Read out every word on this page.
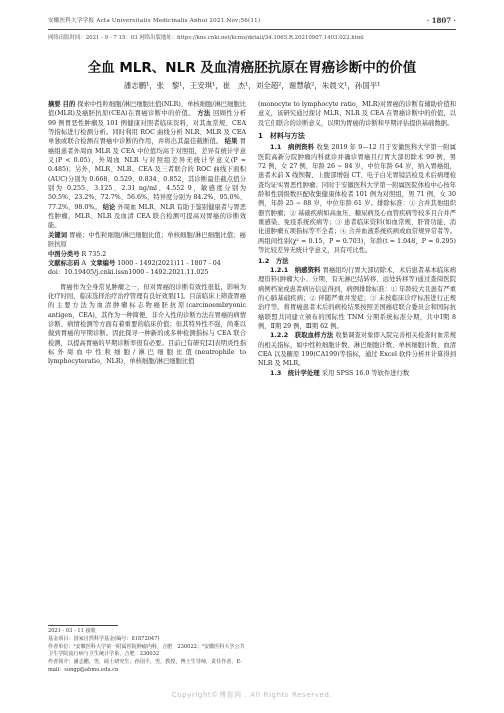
安徽医科大学学报 Acta Universitatis Medicinalis Anhui 2021 Nov;56(11)	· 1807 ·
网络出版时间：2021 - 9 - 7 15：03 网络出版地址：https://kns.cnki.net/kcms/detail/34.1065.R.20210907.1403.022.html
全血 MLR、NLR 及血清癌胚抗原在胃癌诊断中的价值
潘志鹏¹，张　黎¹，王安琪¹，崔　杰¹，刘全超²，谢慧敏²，朱晨文¹，孙国平¹

摘要 目的 探索中性粒细胞/淋巴细胞比值(NLR)、单核细胞/淋巴细胞比值(MLR)及癌胚抗原(CEA)在胃癌诊断中的价值。 方法 回顾性分析 99 例胃恶性肿瘤及 101 例健康对照者临床资料，对其血常规、CEA 等指标进行检测分析。同时利用 ROC 曲线分析 NLR、MLR 及 CEA 单独或联合检测在胃癌中诊断的作用，并将出其最佳截断值。 结果 胃癌组患者外周血 MLR 及 CEA 中位值均高于对照组，差异有统计学意义(P < 0.05)，外周血 NLR 与对照组差异无统计学意义(P = 0.485)；另外，MLR、NLR、CEA 及三者联合的 ROC 曲线下面积(AUC)分别为 0.668、0.529、0.834、0.852，其诊断最佳截点值分别为 0.255、3.125、2.31 ng/ml、4.552 9，敏感度分别为 50.5%、23.2%、72.7%、56.6%，特异度分别为 84.2%、95.0%、77.2%、98.0%。 结论 外周血 MLR、NLR 有助于鉴别健康者与胃恶性肿瘤，MLR、NLR 及血清 CEA 联合检测可提高对胃癌的诊断效能。

关键词 胃癌；中性粒细胞/淋巴细胞比值；单核细胞/淋巴细胞比值；癌胚抗原

中图分类号 R 735.2

文献标志码 A 文章编号 1000 - 1492(2021)11 - 1807 - 04

doi：10.19405/j.cnki.issn1000 - 1492.2021.11.025

胃癌作为全身常见肿瘤之一，但对胃癌的诊断有效性很低，影响为化疗时间、临床选择治疗治疗管理有良好效果[1]。目前临床上筛查胃癌的主要方法为血清肿瘤标志物癌胚抗原(carcinoembryonic antigen，CEA)，其作为一种简便、非介入性的诊断方法在胃癌的病情诊断、病情检测等方面有着重要的临床价值；但其特异性不强，尚难以做到胃癌的早期诊断。因此探寻一种新的或多种检测指标与 CEA 联合检测，以提高胃癌的早期诊断率很有必要。目前已有研究[2]表明炎性指标外周血中性粒细胞/淋巴细胞比值(neutrophile to lymphocyteratio，NLR)、单核细胞/淋巴细胞比值

(monocyte to lymphocyte ratio，MLR)对胃癌的诊断有辅助价值和意义，该研究通过探讨 MLR、NLR 及 CEA 在胃癌诊断中的价值，以及它们联合的诊断意义，以期为胃癌的诊断和早期评估提供基础数据。

1　材料与方法

1.1　病例资料 收集 2019 年 9—12 月于安徽医科大学第一附属医院高新分院肿瘤内科就诊并确诊胃癌且行胃大部切除术 99 例，男 72 例，女 27 例，年龄 26 ~ 84 岁，中位年龄 64 岁，纳入胃癌组，患者术前 X 线钡餐、上腹部增强 CT、电子白光胃镜活检及术后病理检查均证实胃恶性肿瘤；同时于安徽医科大学第一附属医院体检中心按年龄和性别级数匹配收集健康体检者 101 例为对照组，男 71 例，女 30 例，年龄 25 ~ 88 岁，中位年龄 61 岁。排除标准：① 合并其他组织器官肿瘤；② 基础疾病如高血压、糖尿病及心血管疾病等较多且合并严重感染、免疫系统疾病等；③ 患者临床资料(如血常规、肝肾功能、消化道肿瘤五项指标等不全者；④ 合并血液系统疾病或血常规异常者等。两组间性别(χ² = 0.15，P = 0.703)，年龄(t = 1.048，P = 0.295)等比较差异无统计学意义，具有可比性。

1.2　方法

1.2.1　纳感资料 胃癌组均行胃大部切除术，术后患者基本临床病理资料(肿瘤大小、分期、有无淋巴结转移、远处转移等)通过查阅医院病例档案或患者病历信息得到，病例排除标准：① 年龄较大且患有严重的心肺基础疾病；② 伴随严重并发症；③ 未按临床诊疗标准进行正规治疗等。将胃癌患者术后的病检结果按照美国癌症联合委员会和国际抗癌联盟共同建立颁布的国际性 TNM 分期系统标准分期，共中Ⅰ期 8 例，Ⅱ期 29 例，Ⅲ期 62 例。

1.2.2　获取血样方法 收集调查对象即入院完善相关检查时血常规的相关指标，如中性粒细胞计数、淋巴细胞计数、单核细胞计数、血清 CEA 以及糖原 199(CA199)等指标，通过 Excel 软件分析并计算得到 NLR 及 MLR。

1.3　统计学处理 采用 SPSS 16.0 等软件进行数

2021 - 03 - 11 接收

基金项目：国家自然科学基金(编号：81872047)

作者单位：¹安徽医科大学第一附属医院肿瘤内科，合肥　230022；²安徽医科大学公共卫生学院流行病与卫生统计学系，合肥　230032

作者简介：潘志鹏，男，硕士研究生；孙国平，男，教授，博士生导师，责任作者，E-mail：sungp@ahmu.edu.cn

Copyright©博看网 . All Rights Reserved.
